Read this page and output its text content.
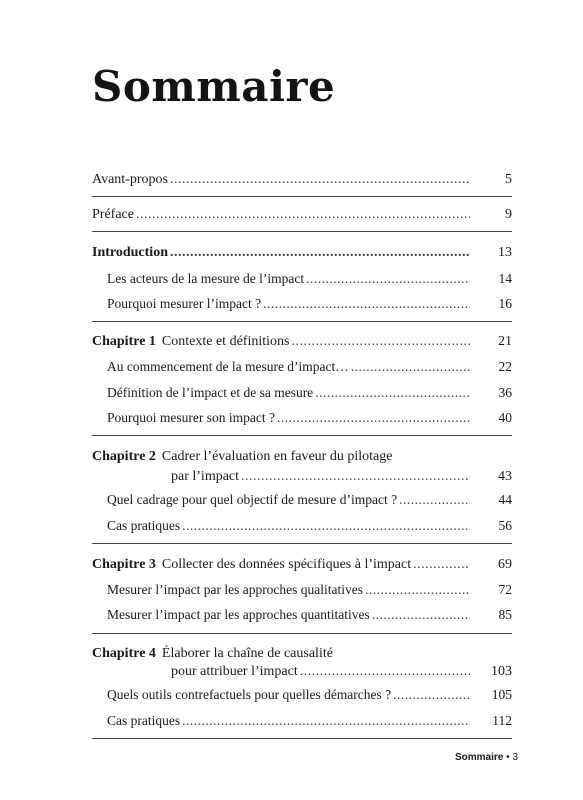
Sommaire
Avant-propos .....	5
Préface .....	9
Introduction .....	13
Les acteurs de la mesure de l’impact .....	14
Pourquoi mesurer l’impact ? .....	16
Chapitre 1 Contexte et définitions .....	21
Au commencement de la mesure d’impact… .....	22
Définition de l’impact et de sa mesure .....	36
Pourquoi mesurer son impact ? .....	40
Chapitre 2 Cadrer l’évaluation en faveur du pilotage
par l’impact .....	43
Quel cadrage pour quel objectif de mesure d’impact ? .....	44
Cas pratiques .....	56
Chapitre 3 Collecter des données spécifiques à l’impact .....	69
Mesurer l’impact par les approches qualitatives .....	72
Mesurer l’impact par les approches quantitatives .....	85
Chapitre 4 Élaborer la chaîne de causalité
pour attribuer l’impact .....	103
Quels outils contrefactuels pour quelles démarches ? .....	105
Cas pratiques .....	112
Sommaire • 3
